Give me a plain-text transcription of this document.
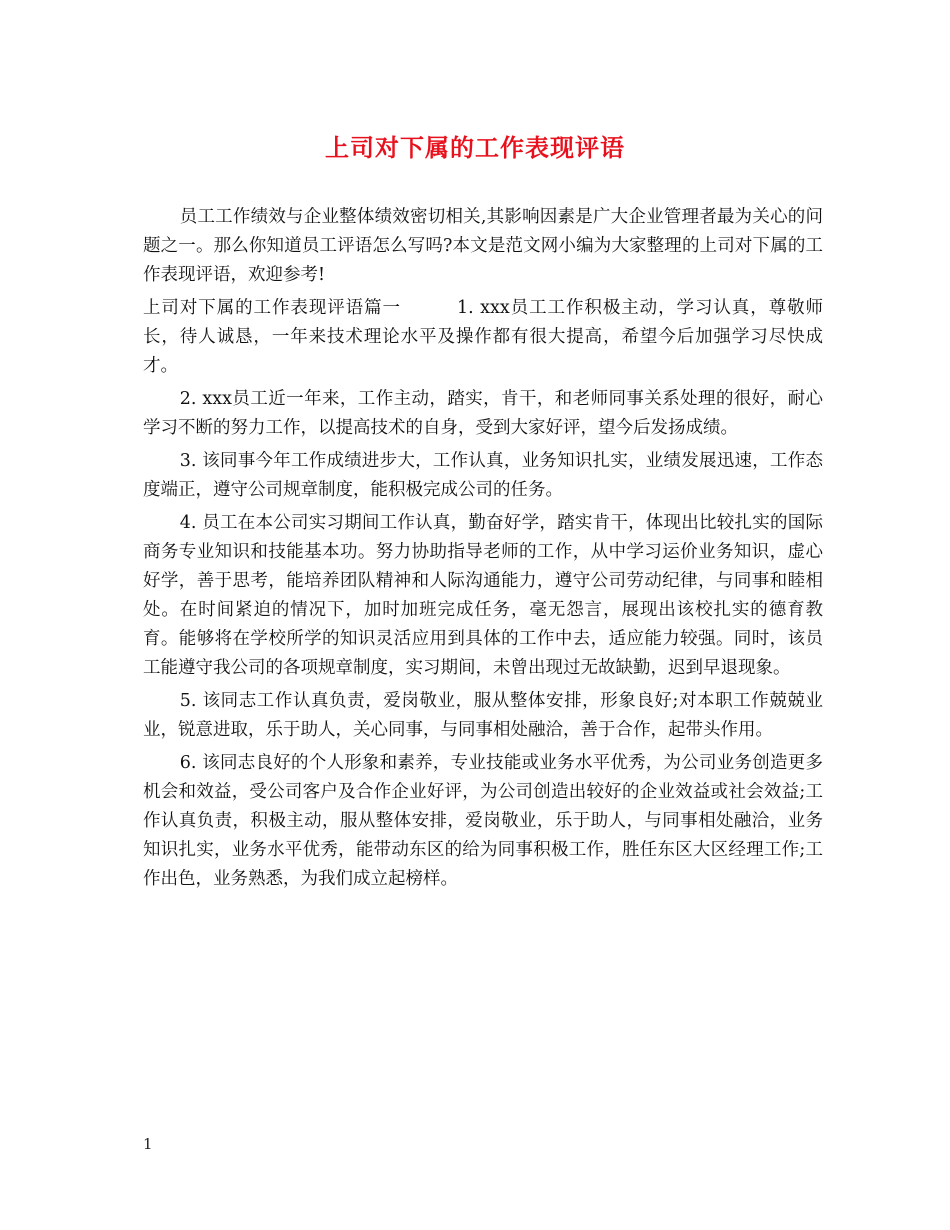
上司对下属的工作表现评语

员工工作绩效与企业整体绩效密切相关,其影响因素是广大企业管理者最为关心的问题之一。那么你知道员工评语怎么写吗?本文是范文网小编为大家整理的上司对下属的工作表现评语，欢迎参考!

上司对下属的工作表现评语篇一	1. xxx员工工作积极主动，学习认真，尊敬师长，待人诚恳，一年来技术理论水平及操作都有很大提高，希望今后加强学习尽快成才。

2. xxx员工近一年来，工作主动，踏实，肯干，和老师同事关系处理的很好，耐心学习不断的努力工作，以提高技术的自身，受到大家好评，望今后发扬成绩。

3. 该同事今年工作成绩进步大，工作认真，业务知识扎实，业绩发展迅速，工作态度端正，遵守公司规章制度，能积极完成公司的任务。

4. 员工在本公司实习期间工作认真，勤奋好学，踏实肯干，体现出比较扎实的国际商务专业知识和技能基本功。努力协助指导老师的工作，从中学习运价业务知识，虚心好学，善于思考，能培养团队精神和人际沟通能力，遵守公司劳动纪律，与同事和睦相处。在时间紧迫的情况下，加时加班完成任务，毫无怨言，展现出该校扎实的德育教育。能够将在学校所学的知识灵活应用到具体的工作中去，适应能力较强。同时，该员工能遵守我公司的各项规章制度，实习期间，未曾出现过无故缺勤，迟到早退现象。

5. 该同志工作认真负责，爱岗敬业，服从整体安排，形象良好;对本职工作兢兢业业，锐意进取，乐于助人，关心同事，与同事相处融洽，善于合作，起带头作用。

6. 该同志良好的个人形象和素养，专业技能或业务水平优秀，为公司业务创造更多机会和效益，受公司客户及合作企业好评，为公司创造出较好的企业效益或社会效益;工作认真负责，积极主动，服从整体安排，爱岗敬业，乐于助人，与同事相处融洽，业务知识扎实，业务水平优秀，能带动东区的给为同事积极工作，胜任东区大区经理工作;工作出色，业务熟悉，为我们成立起榜样。

1
